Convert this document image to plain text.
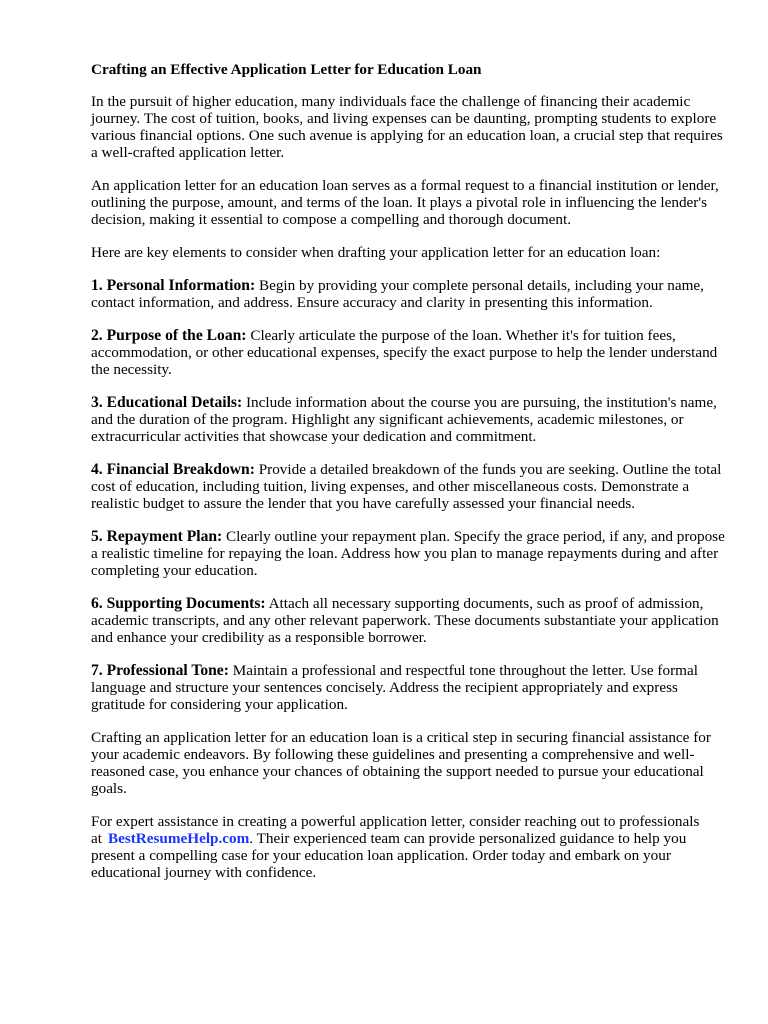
Crafting an Effective Application Letter for Education Loan

In the pursuit of higher education, many individuals face the challenge of financing their academic journey. The cost of tuition, books, and living expenses can be daunting, prompting students to explore various financial options. One such avenue is applying for an education loan, a crucial step that requires a well-crafted application letter.

An application letter for an education loan serves as a formal request to a financial institution or lender, outlining the purpose, amount, and terms of the loan. It plays a pivotal role in influencing the lender's decision, making it essential to compose a compelling and thorough document.

Here are key elements to consider when drafting your application letter for an education loan:

1. Personal Information: Begin by providing your complete personal details, including your name, contact information, and address. Ensure accuracy and clarity in presenting this information.
2. Purpose of the Loan: Clearly articulate the purpose of the loan. Whether it's for tuition fees, accommodation, or other educational expenses, specify the exact purpose to help the lender understand the necessity.
3. Educational Details: Include information about the course you are pursuing, the institution's name, and the duration of the program. Highlight any significant achievements, academic milestones, or extracurricular activities that showcase your dedication and commitment.
4. Financial Breakdown: Provide a detailed breakdown of the funds you are seeking. Outline the total cost of education, including tuition, living expenses, and other miscellaneous costs. Demonstrate a realistic budget to assure the lender that you have carefully assessed your financial needs.
5. Repayment Plan: Clearly outline your repayment plan. Specify the grace period, if any, and propose a realistic timeline for repaying the loan. Address how you plan to manage repayments during and after completing your education.
6. Supporting Documents: Attach all necessary supporting documents, such as proof of admission, academic transcripts, and any other relevant paperwork. These documents substantiate your application and enhance your credibility as a responsible borrower.
7. Professional Tone: Maintain a professional and respectful tone throughout the letter. Use formal language and structure your sentences concisely. Address the recipient appropriately and express gratitude for considering your application.

Crafting an application letter for an education loan is a critical step in securing financial assistance for your academic endeavors. By following these guidelines and presenting a comprehensive and well-reasoned case, you enhance your chances of obtaining the support needed to pursue your educational goals.

For expert assistance in creating a powerful application letter, consider reaching out to professionals at BestResumeHelp.com. Their experienced team can provide personalized guidance to help you present a compelling case for your education loan application. Order today and embark on your educational journey with confidence.
